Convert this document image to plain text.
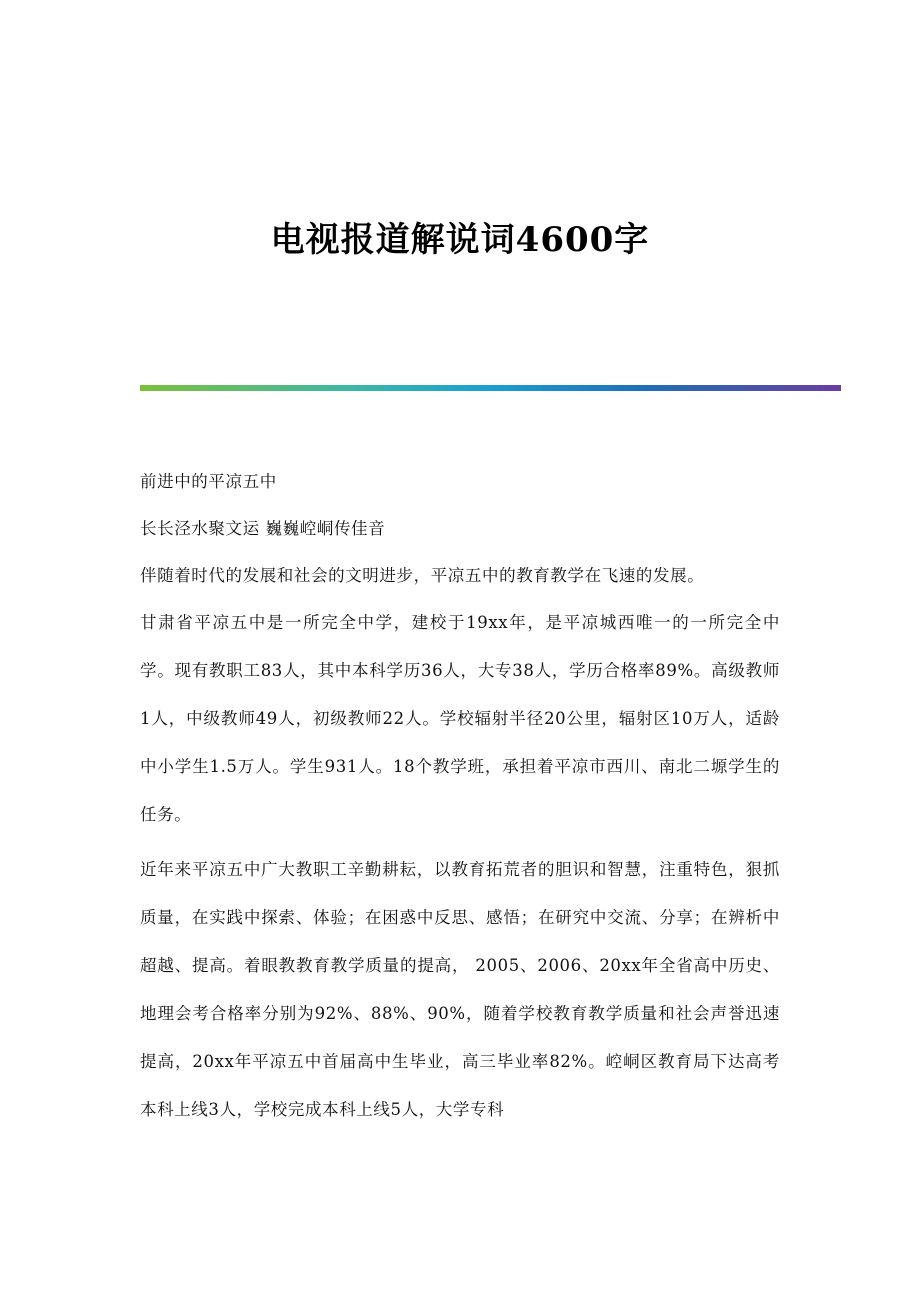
电视报道解说词4600字

前进中的平凉五中

长长泾水聚文运 巍巍崆峒传佳音

伴随着时代的发展和社会的文明进步，平凉五中的教育教学在飞速的发展。

甘肃省平凉五中是一所完全中学，建校于19xx年，是平凉城西唯一的一所完全中学。现有教职工83人，其中本科学历36人，大专38人，学历合格率89%。高级教师1人，中级教师49人，初级教师22人。学校辐射半径20公里，辐射区10万人，适龄中小学生1.5万人。学生931人。18个教学班，承担着平凉市西川、南北二塬学生的任务。

近年来平凉五中广大教职工辛勤耕耘，以教育拓荒者的胆识和智慧，注重特色，狠抓质量，在实践中探索、体验；在困惑中反思、感悟；在研究中交流、分享；在辨析中超越、提高。着眼教教育教学质量的提高， 2005、2006、20xx年全省高中历史、地理会考合格率分别为92%、88%、90%，随着学校教育教学质量和社会声誉迅速提高，20xx年平凉五中首届高中生毕业，高三毕业率82%。崆峒区教育局下达高考本科上线3人，学校完成本科上线5人，大学专科
